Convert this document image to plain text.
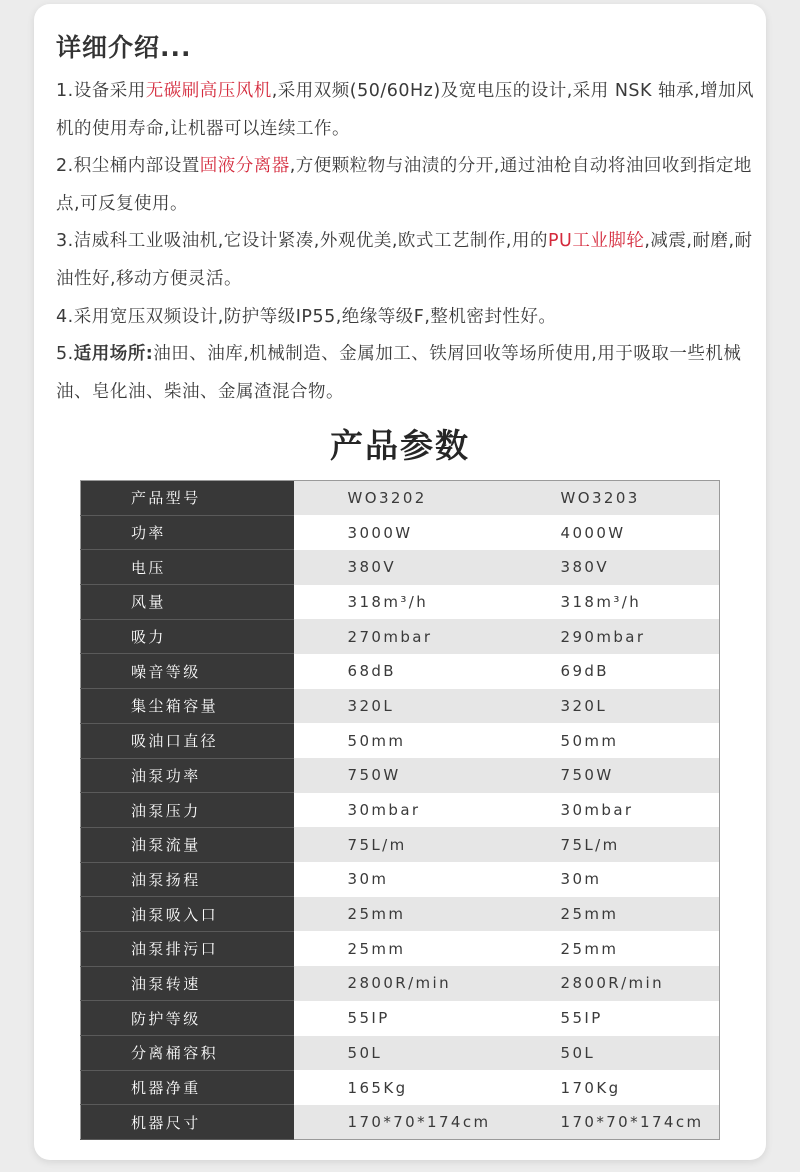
详细介绍...

1.设备采用无碳刷高压风机,采用双频(50/60Hz)及宽电压的设计,采用 NSK 轴承,增加风机的使用寿命,让机器可以连续工作。

2.积尘桶内部设置固液分离器,方便颗粒物与油渍的分开,通过油枪自动将油回收到指定地点,可反复使用。

3.洁威科工业吸油机,它设计紧凑,外观优美,欧式工艺制作,用的PU工业脚轮,减震,耐磨,耐油性好,移动方便灵活。

4.采用宽压双频设计,防护等级IP55,绝缘等级F,整机密封性好。

5.适用场所:油田、油库,机械制造、金属加工、铁屑回收等场所使用,用于吸取一些机械油、皂化油、柴油、金属渣混合物。

产品参数
产品型号	WO3202	WO3203
功率	3000W	4000W
电压	380V	380V
风量	318m³/h	318m³/h
吸力	270mbar	290mbar
噪音等级	68dB	69dB
集尘箱容量	320L	320L
吸油口直径	50mm	50mm
油泵功率	750W	750W
油泵压力	30mbar	30mbar
油泵流量	75L/m	75L/m
油泵扬程	30m	30m
油泵吸入口	25mm	25mm
油泵排污口	25mm	25mm
油泵转速	2800R/min	2800R/min
防护等级	55IP	55IP
分离桶容积	50L	50L
机器净重	165Kg	170Kg
机器尺寸	170*70*174cm	170*70*174cm
